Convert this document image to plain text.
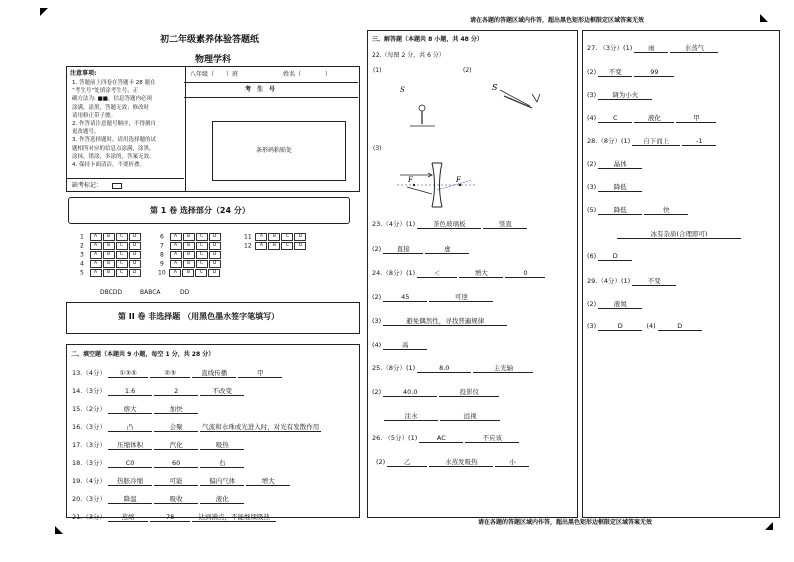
请在各题的答题区域内作答，超出黑色矩形边框限定区域答案无效
请在各题的答题区域内作答，超出黑色矩形边框限定区域答案无效
初二年级素养体验答题纸
物理学科
注意事项:
1. 答题前上四卷在答题卡 28 题在
“考生号”处填涂考生号，正
确方法为: ■■，信息答题内必须
涂满，涂黑，答题无效；修改时
请用修正带子擦。
2. 作答请注意题号顺序，不得擅自
更改题号。
3. 作答选择题时，请用选择题的试
题相所对应的信息点涂满，涂黑，
涂抹，错涂，多涂的，答案无效。
4. 保持卡面清洁，不要折叠。
缺考标记：
八年级（　　）班	姓名（　　　　）
考　生　号
条形码粘贴处
第 1 卷 选择部分（24 分）
1 A B C D
2 A B C D
3 A B C D
4 A B C D
5 A B C D
6 A B C D
7 A B C D
8 A B C D
9 A B C D
10 A B C D
11 A B C D
12 A B C D
DBCDD	BABCA	DD
第 II 卷 非选择题 （用黑色墨水签字笔填写）
二、填空题（本题共 9 小题，每空 1 分，共 28 分）
13.（4分） ①③⑤	②③	直线传播	甲
14.（3分）	1.6	2	不改变
15.（2分）	熔大	加快
16.（3分）	凸	会聚	气流和水珠或光进入时，对光有发散作用
17.（3分） 压缩体积	汽化	吸热
18.（3分）	C0	60	右
19.（4分） 热胀冷缩	可能	偏内气体	增大
20.（3分）	降温	吸收	液化
21.（3分） 蒸熔	78	达到沸点，不能继续吸热
三、解答题（本题共 8 小题，共 48 分）
22.（每图 2 分，共 6 分）
(1)	(2)
(3)
S	S
F	F
23.（4分）(1)	茶色玻璃板	竖直
(2) 直接	虚
24.（8分）(1)	＜	增大	0
(2)	45	可逆
(3)	避免偶然性，寻找普遍规律
(4)	高
25.（8分）(1)	8.0	主光轴
(2)	40.0	投影仪
注水	远视
26. （5分）(1)	AC	不应该
(2)	乙	水蒸发吸热	小
27. （3分）(1) 雨	水蒸气
(2) 不变	99
(3) 调为小火
(4)	C	液化	甲
28.（8分）(1) 自下而上	-1
(2)	晶体
(3)	降低
(5)	降低	快
冰有杂质(合理即可)
(6)	D
29.（4分）(1)	不变
(2)	液氮
(3)	D	(4)	D
